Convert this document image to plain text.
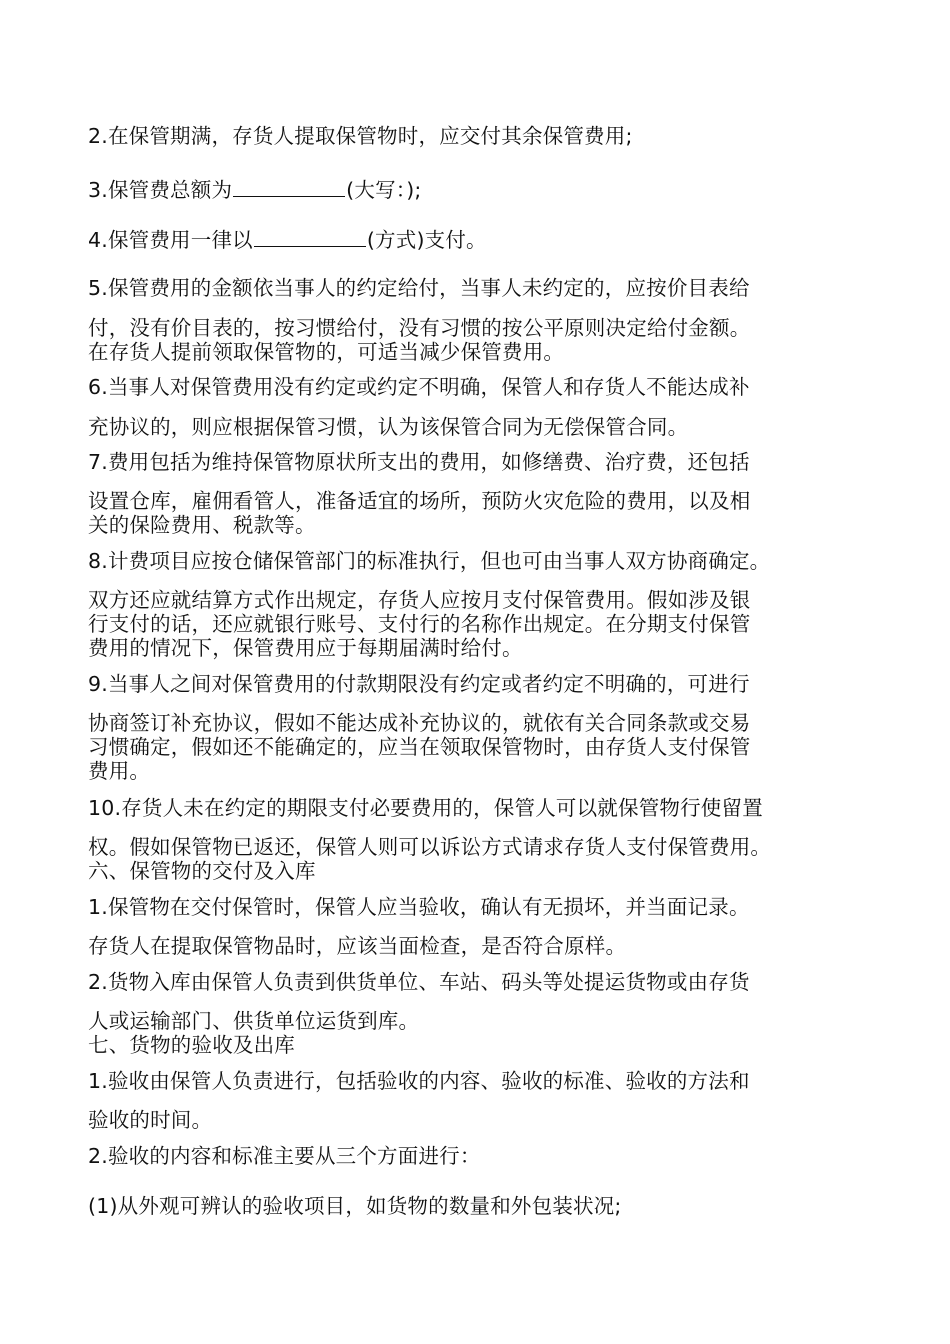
2.在保管期满，存货人提取保管物时，应交付其余保管费用;
3.保管费总额为	(大写：);
4.保管费用一律以	(方式)支付。
5.保管费用的金额依当事人的约定给付，当事人未约定的，应按价目表给
付，没有价目表的，按习惯给付，没有习惯的按公平原则决定给付金额。
在存货人提前领取保管物的，可适当减少保管费用。
6.当事人对保管费用没有约定或约定不明确，保管人和存货人不能达成补
充协议的，则应根据保管习惯，认为该保管合同为无偿保管合同。
7.费用包括为维持保管物原状所支出的费用，如修缮费、治疗费，还包括
设置仓库，雇佣看管人，准备适宜的场所，预防火灾危险的费用，以及相
关的保险费用、税款等。
8.计费项目应按仓储保管部门的标准执行，但也可由当事人双方协商确定。
双方还应就结算方式作出规定，存货人应按月支付保管费用。假如涉及银
行支付的话，还应就银行账号、支付行的名称作出规定。在分期支付保管
费用的情况下，保管费用应于每期届满时给付。
9.当事人之间对保管费用的付款期限没有约定或者约定不明确的，可进行
协商签订补充协议，假如不能达成补充协议的，就依有关合同条款或交易
习惯确定，假如还不能确定的，应当在领取保管物时，由存货人支付保管
费用。
10.存货人未在约定的期限支付必要费用的，保管人可以就保管物行使留置
权。假如保管物已返还，保管人则可以诉讼方式请求存货人支付保管费用。
六、保管物的交付及入库
1.保管物在交付保管时，保管人应当验收，确认有无损坏，并当面记录。
存货人在提取保管物品时，应该当面检查，是否符合原样。
2.货物入库由保管人负责到供货单位、车站、码头等处提运货物或由存货
人或运输部门、供货单位运货到库。
七、货物的验收及出库
1.验收由保管人负责进行，包括验收的内容、验收的标准、验收的方法和
验收的时间。
2.验收的内容和标准主要从三个方面进行：
(1)从外观可辨认的验收项目，如货物的数量和外包装状况;
